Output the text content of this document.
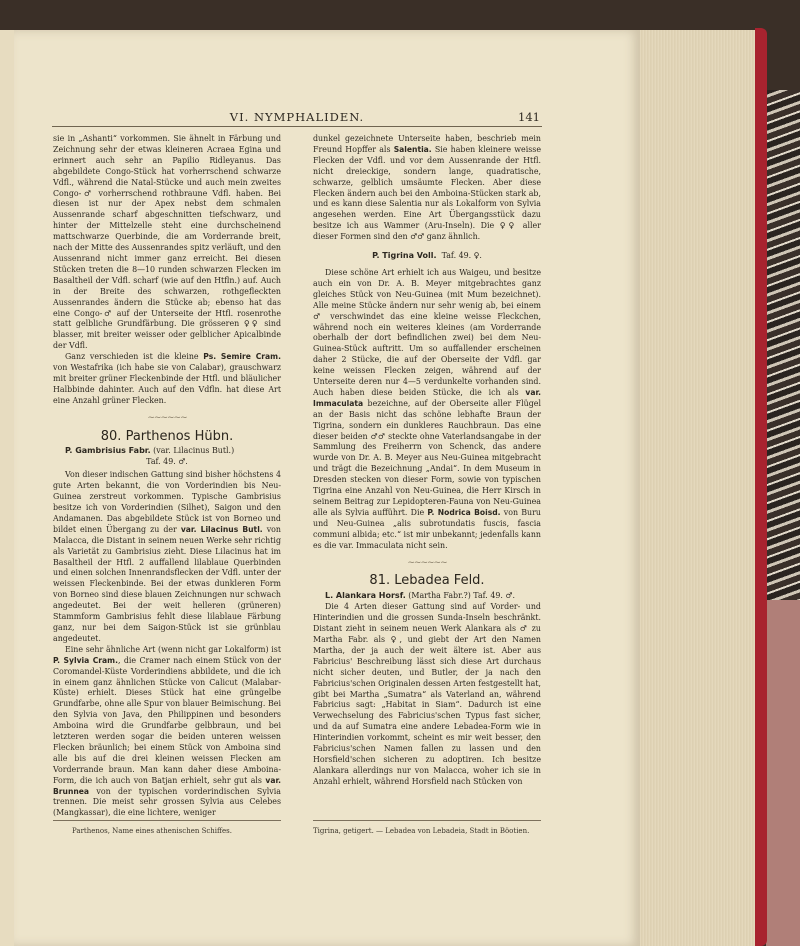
VI. NYMPHALIDEN.	141

sie in „Ashanti“ vorkommen. Sie ähnelt in Färbung und Zeichnung sehr der etwas kleineren Acraea Egina und erinnert auch sehr an Papilio Ridleyanus. Das abgebildete Congo-Stück hat vorherrschend schwarze Vdfl., während die Natal-Stücke und auch mein zweites Congo-♂ vorherrschend rothbraune Vdfl. haben. Bei diesen ist nur der Apex nebst dem schmalen Aussenrande scharf abgeschnitten tiefschwarz, und hinter der Mittelzelle steht eine durchscheinend mattschwarze Querbinde, die am Vorderrande breit, nach der Mitte des Aussenrandes spitz verläuft, und den Aussenrand nicht immer ganz erreicht. Bei diesen Stücken treten die 8—10 runden schwarzen Flecken im Basaltheil der Vdfl. scharf (wie auf den Htfln.) auf. Auch in der Breite des schwarzen, rothgefleckten Aussenrandes ändern die Stücke ab; ebenso hat das eine Congo-♂ auf der Unterseite der Htfl. rosenrothe statt gelbliche Grundfärbung. Die grösseren ♀♀ sind blasser, mit breiter weisser oder gelblicher Apicalbinde der Vdfl.

Ganz verschieden ist die kleine Ps. Semire Cram. von Westafrika (ich habe sie von Calabar), grauschwarz mit breiter grüner Fleckenbinde der Htfl. und bläulicher Halbbinde dahinter. Auch auf den Vdfln. hat diese Art eine Anzahl grüner Flecken.

~~~~~~
80. Parthenos Hübn.

P. Gambrisius Fabr. (var. Lilacinus Butl.)

Taf. 49. ♂.

Von dieser indischen Gattung sind bisher höchstens 4 gute Arten bekannt, die von Vorderindien bis Neu-Guinea zerstreut vorkommen. Typische Gambrisius besitze ich von Vorderindien (Silhet), Saigon und den Andamanen. Das abgebildete Stück ist von Borneo und bildet einen Übergang zu der var. Lilacinus Butl. von Malacca, die Distant in seinem neuen Werke sehr richtig als Varietät zu Gambrisius zieht. Diese Lilacinus hat im Basaltheil der Htfl. 2 auffallend lilablaue Querbinden und einen solchen Innenrandsflecken der Vdfl. unter der weissen Fleckenbinde. Bei der etwas dunkleren Form von Borneo sind diese blauen Zeichnungen nur schwach angedeutet. Bei der weit helleren (grüneren) Stammform Gambrisius fehlt diese lilablaue Färbung ganz, nur bei dem Saigon-Stück ist sie grünblau angedeutet.

Eine sehr ähnliche Art (wenn nicht gar Lokalform) ist P. Sylvia Cram., die Cramer nach einem Stück von der Coromandel-Küste Vorderindiens abbildete, und die ich in einem ganz ähnlichen Stücke von Calicut (Malabar-Küste) erhielt. Dieses Stück hat eine grüngelbe Grundfarbe, ohne alle Spur von blauer Beimischung. Bei den Sylvia von Java, den Philippinen und besonders Amboina wird die Grundfarbe gelbbraun, und bei letzteren werden sogar die beiden unteren weissen Flecken bräunlich; bei einem Stück von Amboina sind alle bis auf die drei kleinen weissen Flecken am Vorderrande braun. Man kann daher diese Amboina-Form, die ich auch von Batjan erhielt, sehr gut als var. Brunnea von der typischen vorderindischen Sylvia trennen. Die meist sehr grossen Sylvia aus Celebes (Mangkassar), die eine lichtere, weniger

dunkel gezeichnete Unterseite haben, beschrieb mein Freund Hopffer als Salentia. Sie haben kleinere weisse Flecken der Vdfl. und vor dem Aussenrande der Htfl. nicht dreieckige, sondern lange, quadratische, schwarze, gelblich umsäumte Flecken. Aber diese Flecken ändern auch bei den Amboina-Stücken stark ab, und es kann diese Salentia nur als Lokalform von Sylvia angesehen werden. Eine Art Übergangsstück dazu besitze ich aus Wammer (Aru-Inseln). Die ♀♀ aller dieser Formen sind den ♂♂ ganz ähnlich.

P. Tigrina Voll. Taf. 49. ♀.

Diese schöne Art erhielt ich aus Waigeu, und besitze auch ein von Dr. A. B. Meyer mitgebrachtes ganz gleiches Stück von Neu-Guinea (mit Mum bezeichnet). Alle meine Stücke ändern nur sehr wenig ab, bei einem ♂ verschwindet das eine kleine weisse Fleckchen, während noch ein weiteres kleines (am Vorderrande oberhalb der dort befindlichen zwei) bei dem Neu-Guinea-Stück auftritt. Um so auffallender erscheinen daher 2 Stücke, die auf der Oberseite der Vdfl. gar keine weissen Flecken zeigen, während auf der Unterseite deren nur 4—5 verdunkelte vorhanden sind. Auch haben diese beiden Stücke, die ich als var. Immaculata bezeichne, auf der Oberseite aller Flügel an der Basis nicht das schöne lebhafte Braun der Tigrina, sondern ein dunkleres Rauchbraun. Das eine dieser beiden ♂♂ steckte ohne Vaterlandsangabe in der Sammlung des Freiherrn von Schenck, das andere wurde von Dr. A. B. Meyer aus Neu-Guinea mitgebracht und trägt die Bezeichnung „Andai“. In dem Museum in Dresden stecken von dieser Form, sowie von typischen Tigrina eine Anzahl von Neu-Guinea, die Herr Kirsch in seinem Beitrag zur Lepidopteren-Fauna von Neu-Guinea alle als Sylvia aufführt. Die P. Nodrica Boisd. von Buru und Neu-Guinea „alis subrotundatis fuscis, fascia communi albida; etc.“ ist mir unbekannt; jedenfalls kann es die var. Immaculata nicht sein.

~~~~~~
81. Lebadea Feld.

L. Alankara Horsf. (Martha Fabr.?) Taf. 49. ♂.

Die 4 Arten dieser Gattung sind auf Vorder- und Hinterindien und die grossen Sunda-Inseln beschränkt. Distant zieht in seinem neuen Werk Alankara als ♂ zu Martha Fabr. als ♀, und giebt der Art den Namen Martha, der ja auch der weit ältere ist. Aber aus Fabricius' Beschreibung lässt sich diese Art durchaus nicht sicher deuten, und Butler, der ja nach den Fabricius'schen Originalen dessen Arten festgestellt hat, gibt bei Martha „Sumatra“ als Vaterland an, während Fabricius sagt: „Habitat in Siam“. Dadurch ist eine Verwechselung des Fabricius'schen Typus fast sicher, und da auf Sumatra eine andere Lebadea-Form wie in Hinterindien vorkommt, scheint es mir weit besser, den Fabricius'schen Namen fallen zu lassen und den Horsfield'schen sicheren zu adoptiren. Ich besitze Alankara allerdings nur von Malacca, woher ich sie in Anzahl erhielt, während Horsfield nach Stücken von

Parthenos, Name eines athenischen Schiffes.	Tigrina, getigert. — Lebadea von Lebadeia, Stadt in Böotien.
